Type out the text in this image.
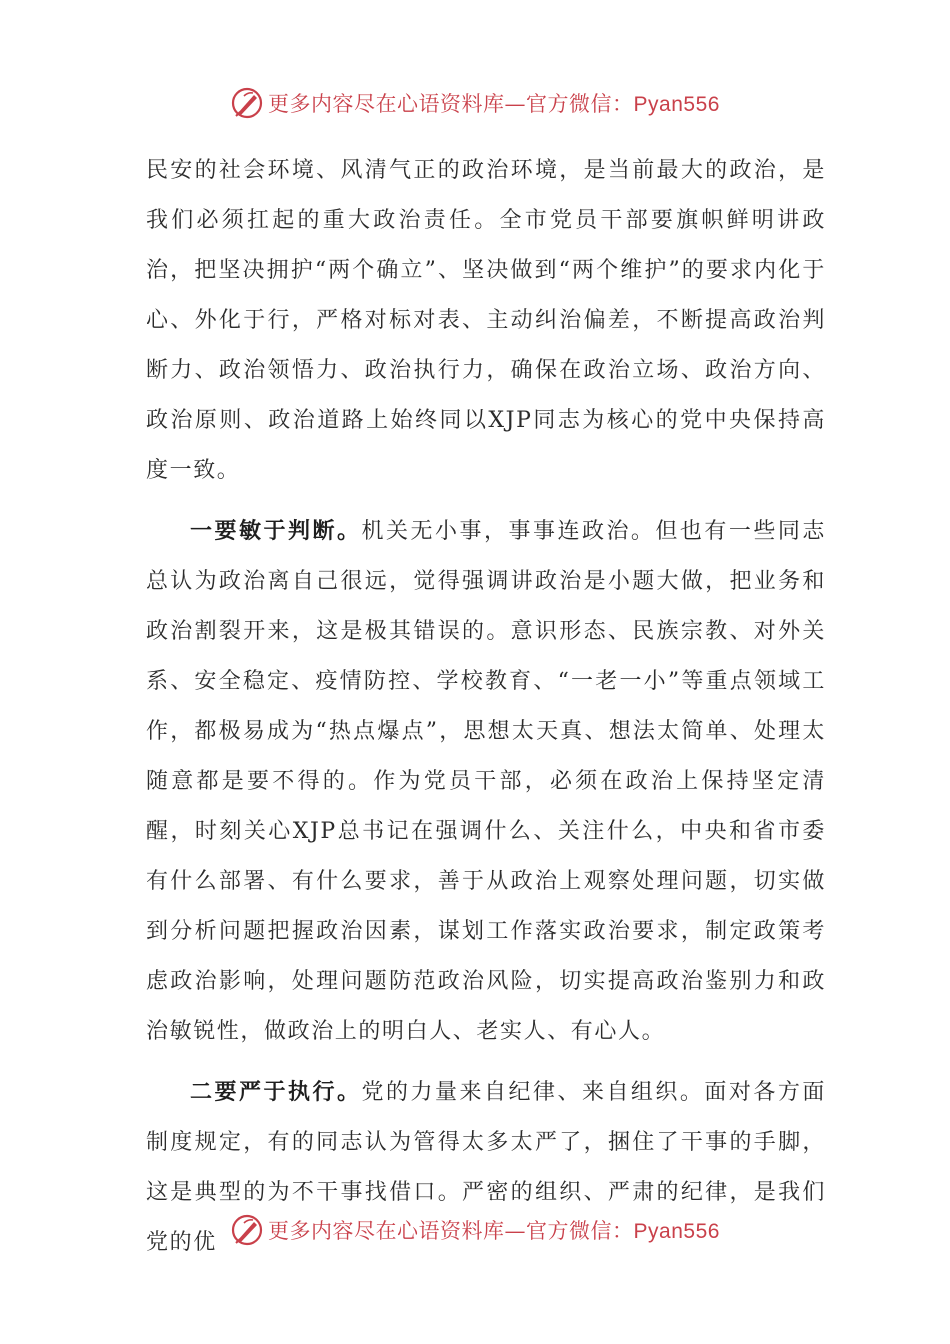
更多内容尽在心语资料库—官方微信：Pyan556

民安的社会环境、风清气正的政治环境，是当前最大的政治，是我们必须扛起的重大政治责任。全市党员干部要旗帜鲜明讲政治，把坚决拥护“两个确立”、坚决做到“两个维护”的要求内化于心、外化于行，严格对标对表、主动纠治偏差，不断提高政治判断力、政治领悟力、政治执行力，确保在政治立场、政治方向、政治原则、政治道路上始终同以XJP同志为核心的党中央保持高度一致。

一要敏于判断。机关无小事，事事连政治。但也有一些同志总认为政治离自己很远，觉得强调讲政治是小题大做，把业务和政治割裂开来，这是极其错误的。意识形态、民族宗教、对外关系、安全稳定、疫情防控、学校教育、“一老一小”等重点领域工作，都极易成为“热点爆点”，思想太天真、想法太简单、处理太随意都是要不得的。作为党员干部，必须在政治上保持坚定清醒，时刻关心XJP总书记在强调什么、关注什么，中央和省市委有什么部署、有什么要求，善于从政治上观察处理问题，切实做到分析问题把握政治因素，谋划工作落实政治要求，制定政策考虑政治影响，处理问题防范政治风险，切实提高政治鉴别力和政治敏锐性，做政治上的明白人、老实人、有心人。

二要严于执行。党的力量来自纪律、来自组织。面对各方面制度规定，有的同志认为管得太多太严了，捆住了干事的手脚，这是典型的为不干事找借口。严密的组织、严肃的纪律，是我们党的优	更多内容尽在心语资料库—官方微信：Pyan556
